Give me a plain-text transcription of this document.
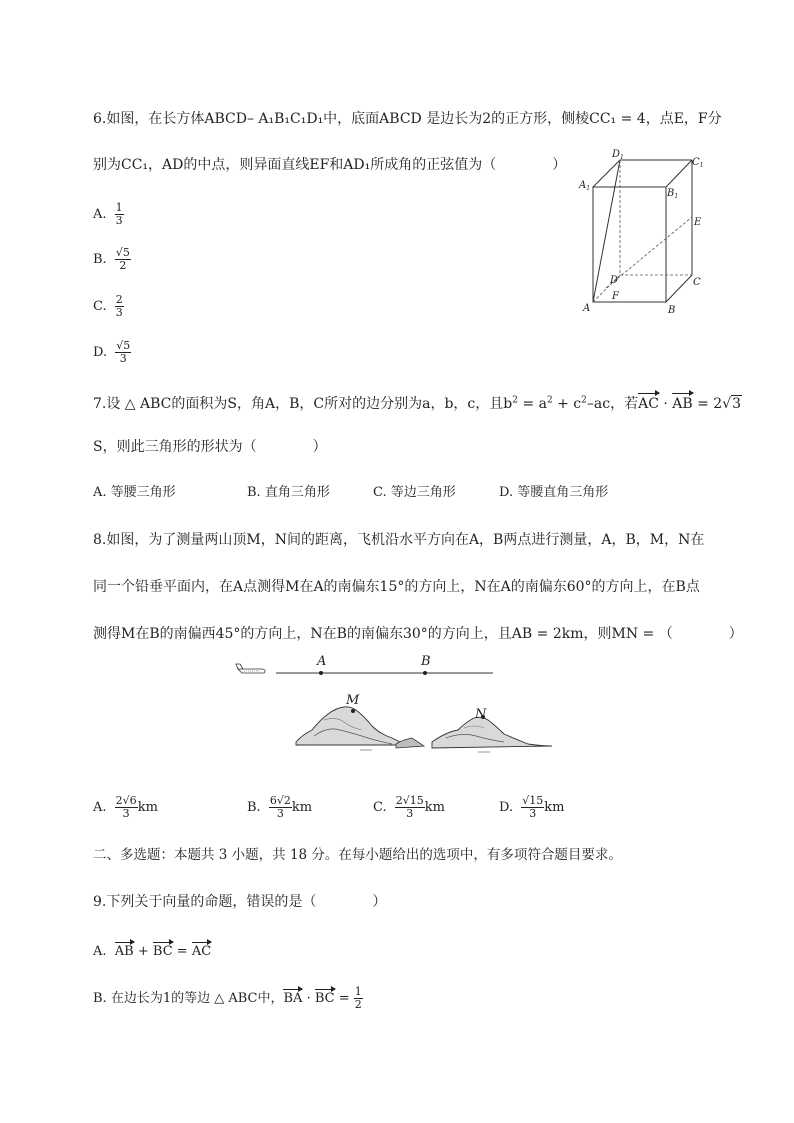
6.如图，在长方体ABCD– A₁B₁C₁D₁中，底面ABCD 是边长为2的正方形，侧棱CC₁ = 4，点E，F分
别为CC₁，AD的中点，则异面直线EF和AD₁所成角的正弦值为（　　　　）
A. $\frac{1}{3}$
B. $\frac{√5}{2}$
C. $\frac{2}{3}$
D. $\frac{√5}{3}$
$D_1$	$C_1$
$A_1$	$B_1$
E
D
F
C
A	B
7.设 △ ABC的面积为S，角A，B，C所对的边分别为a，b，c，且$b^2 = a^2 + c^2-ac$，若AC · AB = 2√3
S，则此三角形的形状为（　　　　）
A. 等腰三角形	B. 直角三角形	C. 等边三角形	D. 等腰直角三角形
8.如图，为了测量两山顶M，N间的距离，飞机沿水平方向在A，B两点进行测量，A，B，M，N在
同一个铅垂平面内，在A点测得M在A的南偏东15°的方向上，N在A的南偏东60°的方向上，在B点
测得M在B的南偏西45°的方向上，N在B的南偏东30°的方向上，且AB = 2km，则MN = （　　　　）
A	B
M
N
A. $\frac{2√6}{3}$ km	B. $\frac{6√2}{3}$ km	C. $\frac{2√15}{3}$ km	D. $\frac{√15}{3}$ km
二、多选题：本题共 3 小题，共 18 分。在每小题给出的选项中，有多项符合题目要求。
9.下列关于向量的命题，错误的是（　　　　）
A. AB + BC = AC
B. 在边长为1的等边 △ ABC中，BA · BC = $\frac{1}{2}$
